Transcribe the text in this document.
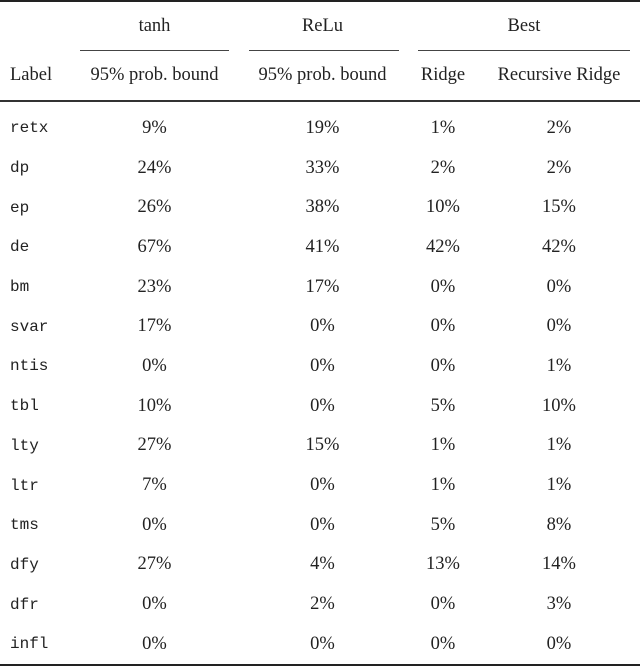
	tanh	ReLu	Best	

Label	95% prob. bound	95% prob. bound	Ridge	Recursive Ridge

retx	9%	19%	1%	2%
dp	24%	33%	2%	2%
ep	26%	38%	10%	15%
de	67%	41%	42%	42%
bm	23%	17%	0%	0%
svar	17%	0%	0%	0%
ntis	0%	0%	0%	1%
tbl	10%	0%	5%	10%
lty	27%	15%	1%	1%
ltr	7%	0%	1%	1%
tms	0%	0%	5%	8%
dfy	27%	4%	13%	14%
dfr	0%	2%	0%	3%
infl	0%	0%	0%	0%
